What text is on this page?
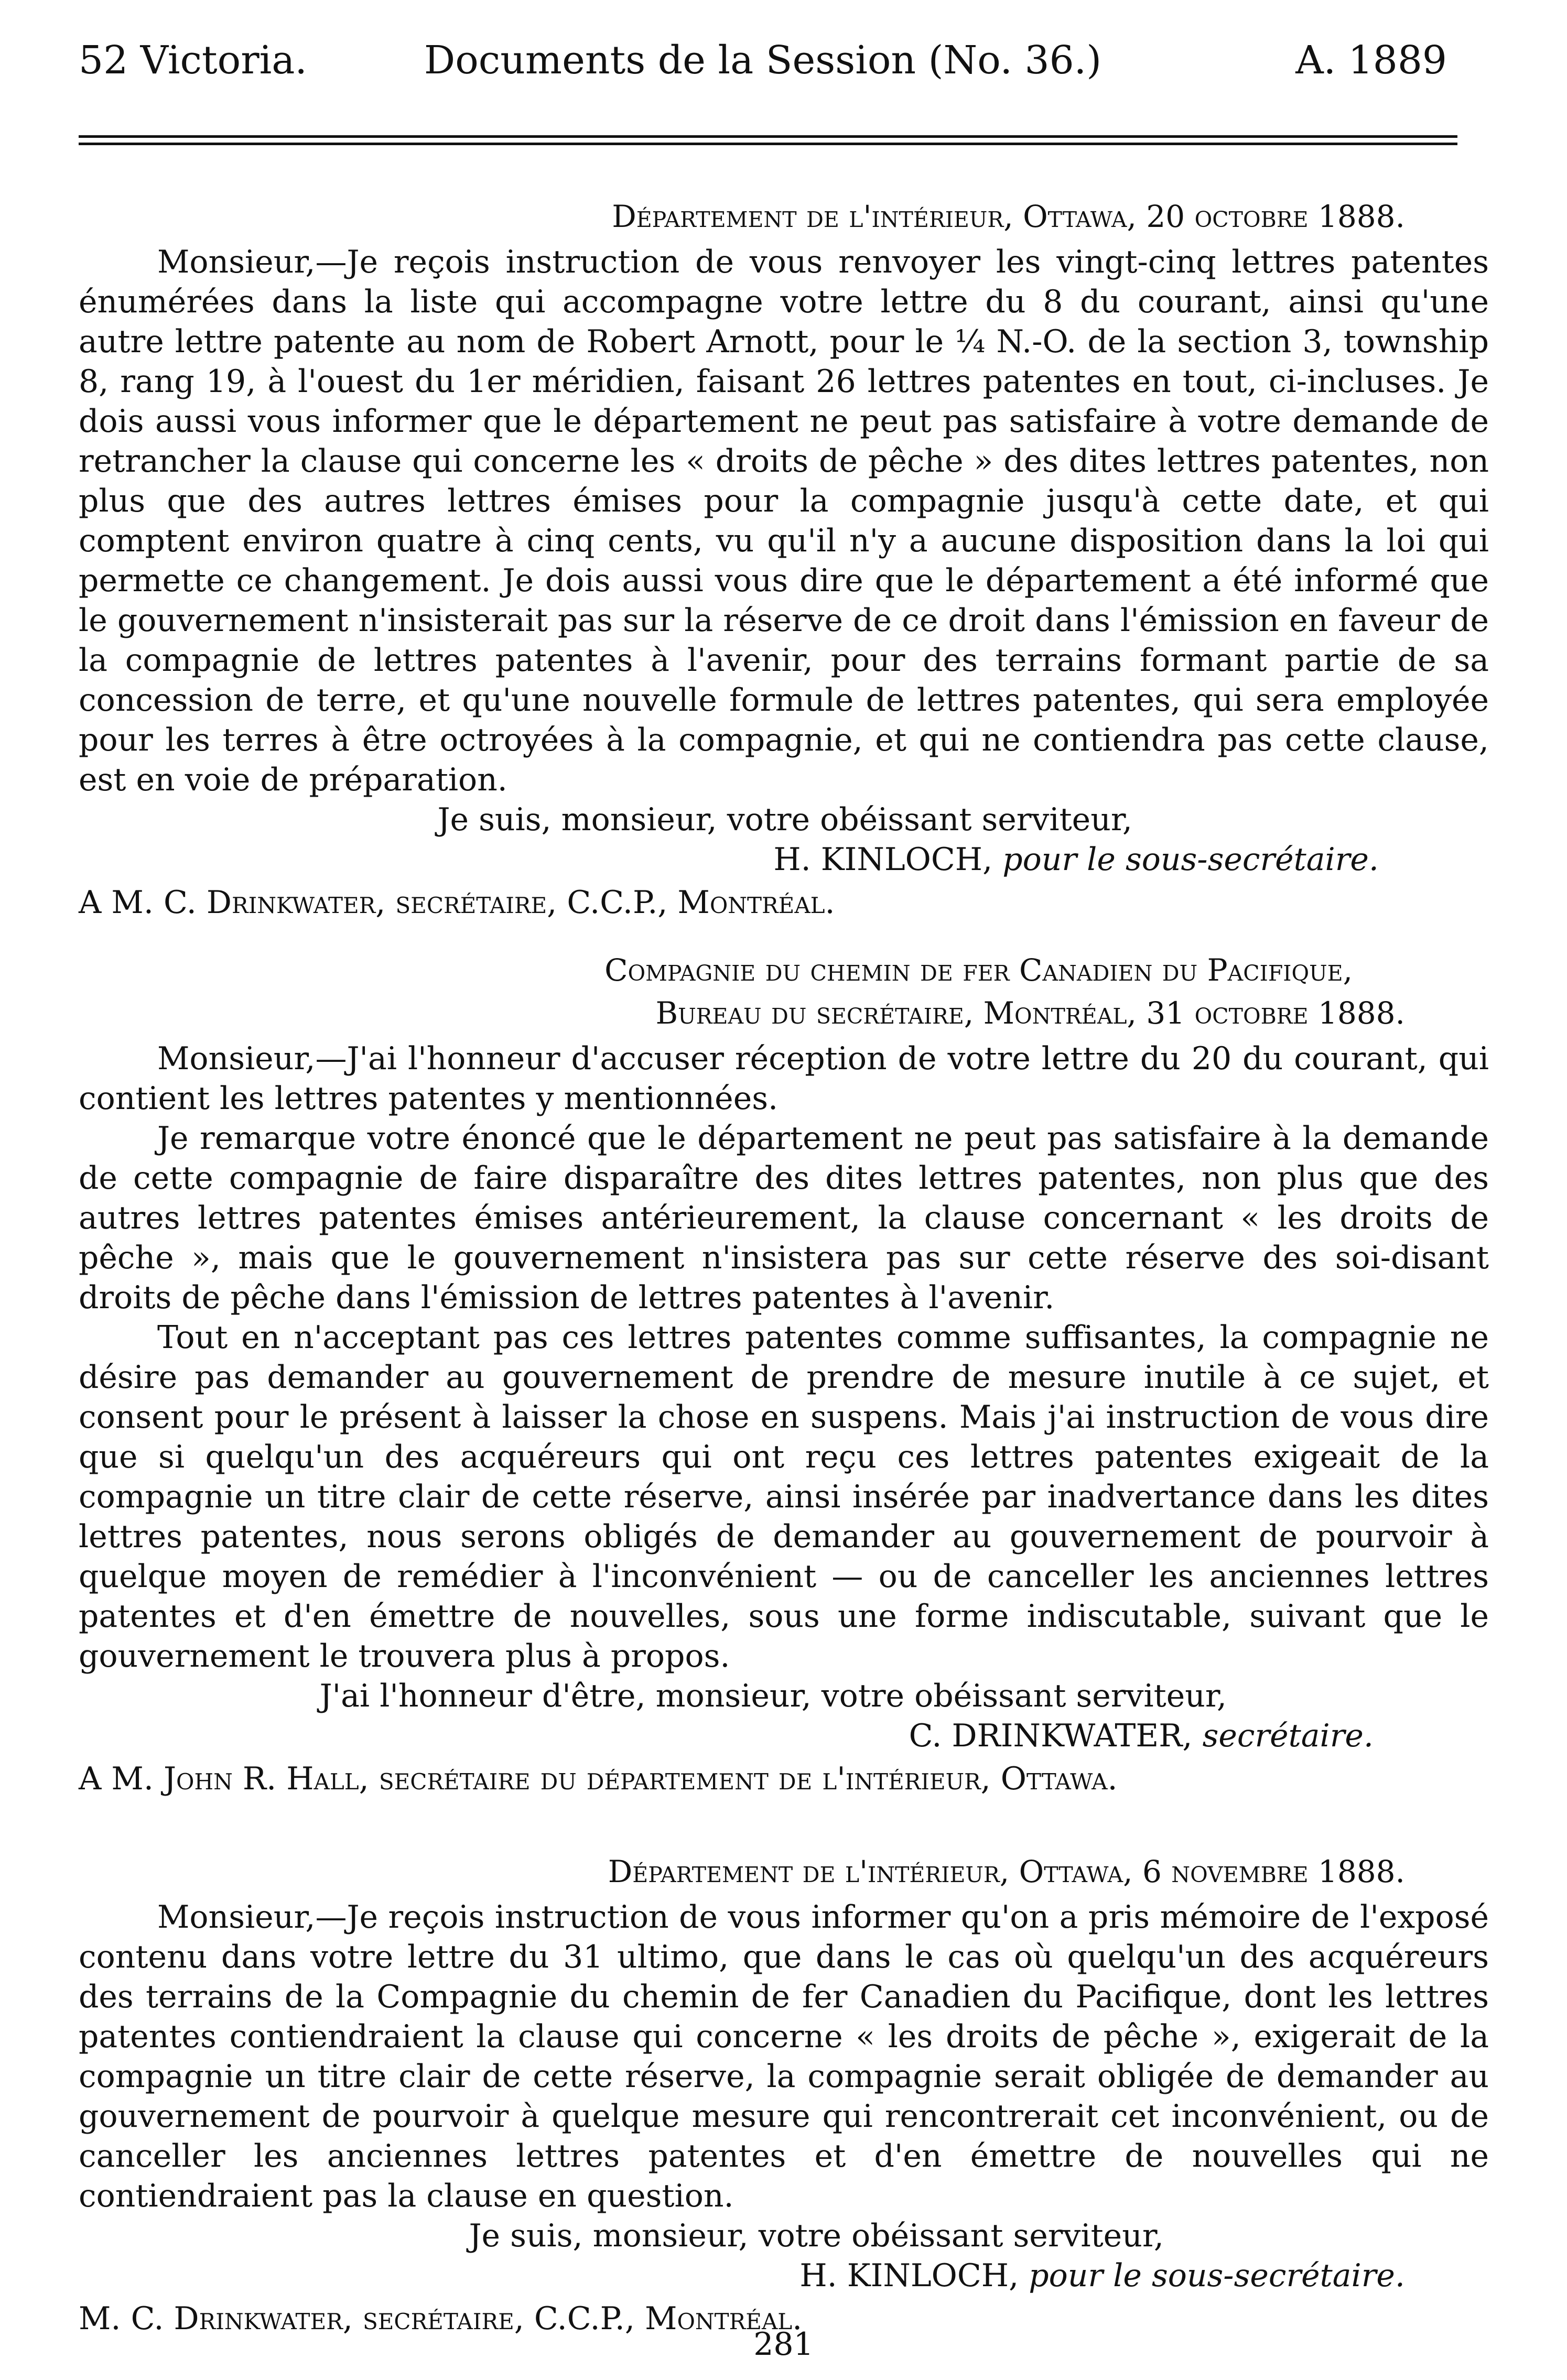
52 Victoria.	Documents de la Session (No. 36.)	A. 1889
Département de l'intérieur, Ottawa, 20 octobre 1888.

Monsieur,—Je reçois instruction de vous renvoyer les vingt-cinq lettres patentes énumérées dans la liste qui accompagne votre lettre du 8 du courant, ainsi qu'une autre lettre patente au nom de Robert Arnott, pour le ¼ N.-O. de la section 3, township 8, rang 19, à l'ouest du 1er méridien, faisant 26 lettres patentes en tout, ci-incluses. Je dois aussi vous informer que le département ne peut pas satisfaire à votre demande de retrancher la clause qui concerne les « droits de pêche » des dites lettres patentes, non plus que des autres lettres émises pour la compagnie jusqu'à cette date, et qui comptent environ quatre à cinq cents, vu qu'il n'y a aucune disposition dans la loi qui permette ce changement. Je dois aussi vous dire que le département a été informé que le gouvernement n'insisterait pas sur la réserve de ce droit dans l'émission en faveur de la compagnie de lettres patentes à l'avenir, pour des terrains formant partie de sa concession de terre, et qu'une nouvelle formule de lettres patentes, qui sera employée pour les terres à être octroyées à la compagnie, et qui ne contiendra pas cette clause, est en voie de préparation.

Je suis, monsieur, votre obéissant serviteur,
H. KINLOCH, pour le sous-secrétaire.
A M. C. Drinkwater, secrétaire, C.C.P., Montréal.
Compagnie du chemin de fer Canadien du Pacifique,
Bureau du secrétaire, Montréal, 31 octobre 1888.

Monsieur,—J'ai l'honneur d'accuser réception de votre lettre du 20 du courant, qui contient les lettres patentes y mentionnées.

Je remarque votre énoncé que le département ne peut pas satisfaire à la demande de cette compagnie de faire disparaître des dites lettres patentes, non plus que des autres lettres patentes émises antérieurement, la clause concernant « les droits de pêche », mais que le gouvernement n'insistera pas sur cette réserve des soi-disant droits de pêche dans l'émission de lettres patentes à l'avenir.

Tout en n'acceptant pas ces lettres patentes comme suffisantes, la compagnie ne désire pas demander au gouvernement de prendre de mesure inutile à ce sujet, et consent pour le présent à laisser la chose en suspens. Mais j'ai instruction de vous dire que si quelqu'un des acquéreurs qui ont reçu ces lettres patentes exigeait de la compagnie un titre clair de cette réserve, ainsi insérée par inadvertance dans les dites lettres patentes, nous serons obligés de demander au gouvernement de pourvoir à quelque moyen de remédier à l'inconvénient — ou de canceller les anciennes lettres patentes et d'en émettre de nouvelles, sous une forme indiscutable, suivant que le gouvernement le trouvera plus à propos.

J'ai l'honneur d'être, monsieur, votre obéissant serviteur,
C. DRINKWATER, secrétaire.
A M. John R. Hall, secrétaire du département de l'intérieur, Ottawa.
Département de l'intérieur, Ottawa, 6 novembre 1888.

Monsieur,—Je reçois instruction de vous informer qu'on a pris mémoire de l'exposé contenu dans votre lettre du 31 ultimo, que dans le cas où quelqu'un des acquéreurs des terrains de la Compagnie du chemin de fer Canadien du Pacifique, dont les lettres patentes contiendraient la clause qui concerne « les droits de pêche », exigerait de la compagnie un titre clair de cette réserve, la compagnie serait obligée de demander au gouvernement de pourvoir à quelque mesure qui rencontrerait cet inconvénient, ou de canceller les anciennes lettres patentes et d'en émettre de nouvelles qui ne contiendraient pas la clause en question.

Je suis, monsieur, votre obéissant serviteur,
H. KINLOCH, pour le sous-secrétaire.
M. C. Drinkwater, secrétaire, C.C.P., Montréal.
281
